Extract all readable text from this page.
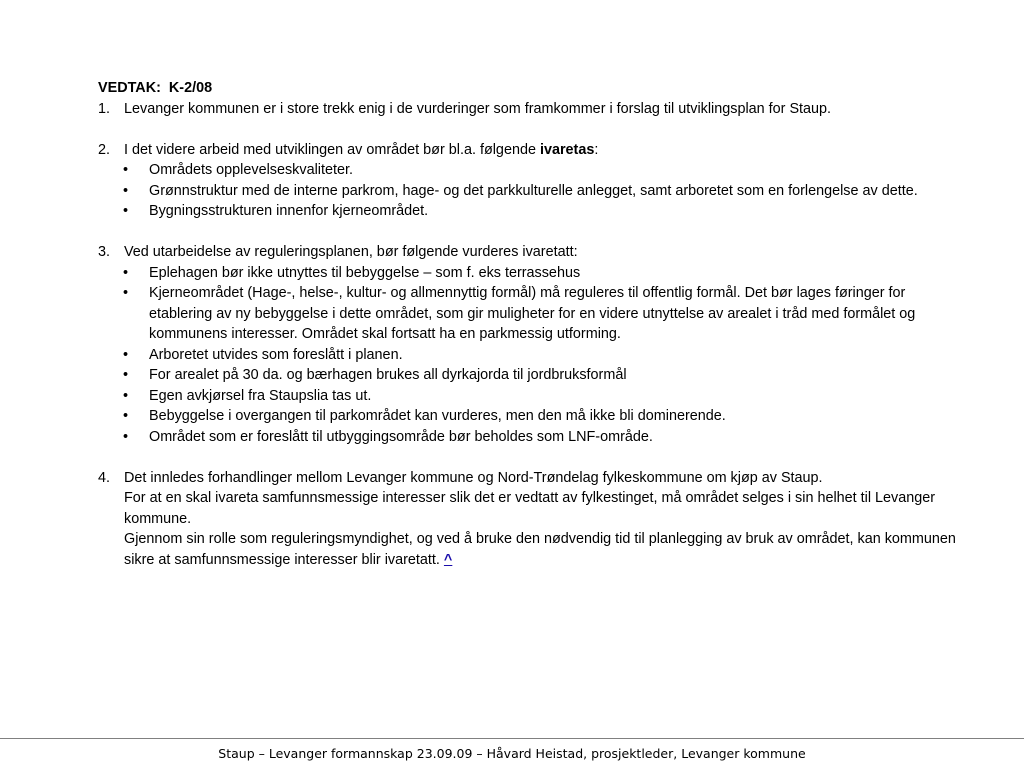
VEDTAK: K-2/08
1. Levanger kommunen er i store trekk enig i de vurderinger som framkommer i forslag til utviklingsplan for Staup.
2. I det videre arbeid med utviklingen av området bør bl.a. følgende ivaretas:
• Områdets opplevelseskvaliteter.
• Grønnstruktur med de interne parkrom, hage- og det parkkulturelle anlegget, samt arboretet som en forlengelse av dette.
• Bygningsstrukturen innenfor kjerneområdet.
3. Ved utarbeidelse av reguleringsplanen, bør følgende vurderes ivaretatt:
• Eplehagen bør ikke utnyttes til bebyggelse – som f. eks terrassehus
• Kjerneområdet (Hage-, helse-, kultur- og allmennyttig formål) må reguleres til offentlig formål. Det bør lages føringer for etablering av ny bebyggelse i dette området, som gir muligheter for en videre utnyttelse av arealet i tråd med formålet og kommunens interesser. Området skal fortsatt ha en parkmessig utforming.
• Arboretet utvides som foreslått i planen.
• For arealet på 30 da. og bærhagen brukes all dyrkajorda til jordbruksformål
• Egen avkjørsel fra Staupslia tas ut.
• Bebyggelse i overgangen til parkområdet kan vurderes, men den må ikke bli dominerende.
• Området som er foreslått til utbyggingsområde bør beholdes som LNF-område.
4. Det innledes forhandlinger mellom Levanger kommune og Nord-Trøndelag fylkeskommune om kjøp av Staup.
For at en skal ivareta samfunnsmessige interesser slik det er vedtatt av fylkestinget, må området selges i sin helhet til Levanger kommune.
Gjennom sin rolle som reguleringsmyndighet, og ved å bruke den nødvendig tid til planlegging av bruk av området, kan kommunen sikre at samfunnsmessige interesser blir ivaretatt. ^
Staup – Levanger formannskap 23.09.09 – Håvard Heistad, prosjektleder, Levanger kommune
